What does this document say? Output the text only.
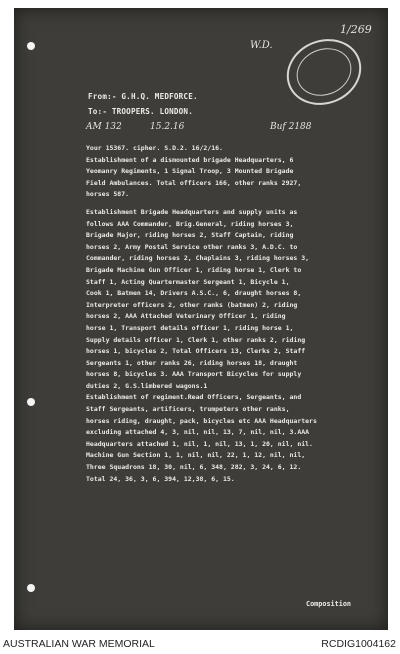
1/269
W.D.
From:- G.H.Q. MEDFORCE.
To:- TROOPERS. LONDON.
AM 132	15.2.16	Buf 2188
Your 15367. cipher. S.D.2. 16/2/16.
Establishment of a dismounted brigade Headquarters, 6
Yeomanry Regiments, 1 Signal Troop, 3 Mounted Brigade
Field Ambulances. Total officers 166, other ranks 2927,
horses 587.
Establishment Brigade Headquarters and supply units as
follows AAA Commander, Brig.General, riding horses 3,
Brigade Major, riding horses 2, Staff Captain, riding
horses 2, Army Postal Service other ranks 3, A.D.C. to
Commander, riding horses 2, Chaplains 3, riding horses 3,
Brigade Machine Gun Officer 1, riding horse 1, Clerk to
Staff 1, Acting Quartermaster Sergeant 1, Bicycle 1,
Cook 1, Batmen 14, Drivers A.S.C., 6, draught horses 8,
Interpreter officers 2, other ranks (batmen) 2, riding
horses 2, AAA Attached Veterinary Officer 1, riding
horse 1, Transport details officer 1, riding horse 1,
Supply details officer 1, Clerk 1, other ranks 2, riding
horses 1, bicycles 2, Total Officers 13, Clerks 2, Staff
Sergeants 1, other ranks 26, riding horses 18, draught
horses 8, bicycles 3. AAA Transport Bicycles for supply
duties 2, G.S.limbered wagons.1
Establishment of regiment.Read Officers, Sergeants, and
Staff Sergeants, artificers, trumpeters other ranks,
horses riding, draught, pack, bicycles etc AAA Headquarters
excluding attached 4, 3, nil, nil, 13, 7, nil, nil, 3.AAA
Headquarters attached 1, nil, 1, nil, 13, 1, 20, nil, nil.
Machine Gun Section 1, 1, nil, nil, 22, 1, 12, nil, nil,
Three Squadrons 18, 30, nil, 6, 348, 282, 3, 24, 6, 12.
Total 24, 36, 3, 6, 394, 12,38, 6, 15.
Composition
AUSTRALIAN WAR MEMORIAL	RCDIG1004162
